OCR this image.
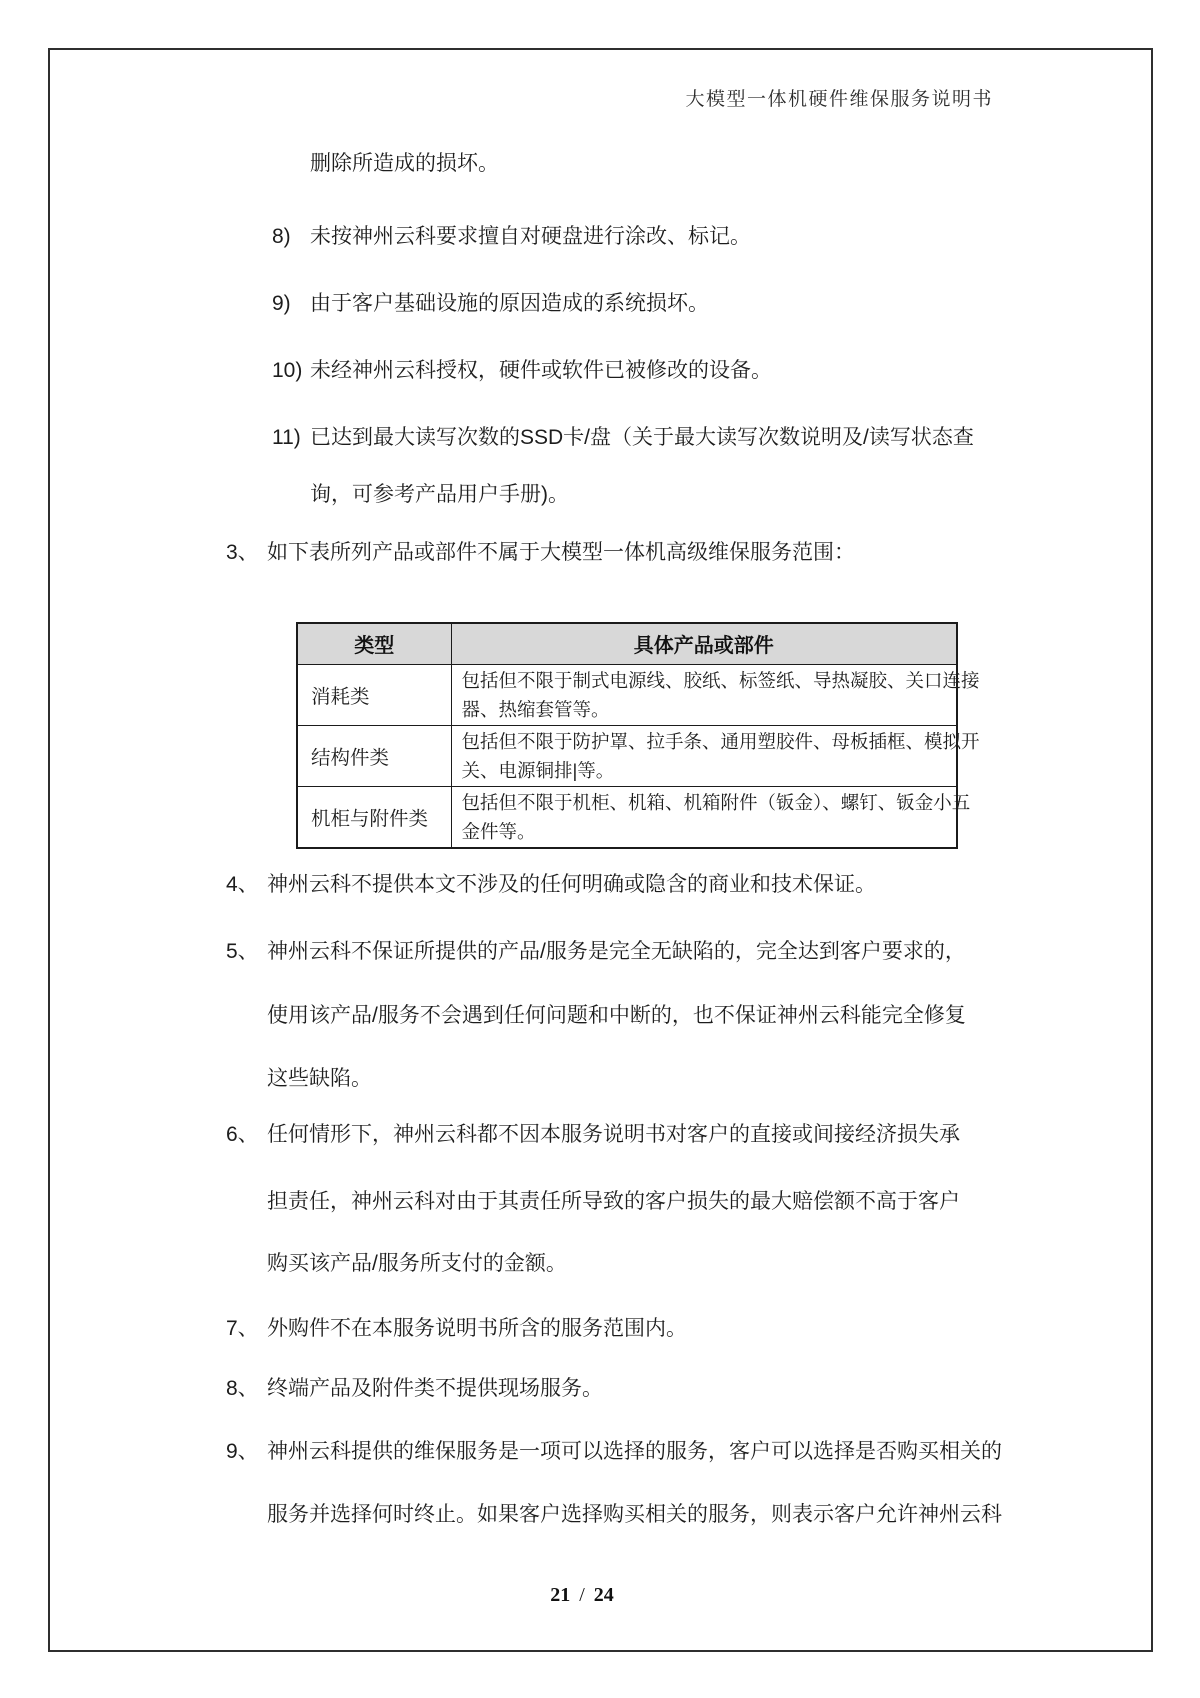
大模型一体机硬件维保服务说明书
删除所造成的损坏。
8) 未按神州云科要求擅自对硬盘进行涂改、标记。
9) 由于客户基础设施的原因造成的系统损坏。
10) 未经神州云科授权，硬件或软件已被修改的设备。
11) 已达到最大读写次数的SSD卡/盘（关于最大读写次数说明及/读写状态查
询，可参考产品用户手册)。
3、 如下表所列产品或部件不属于大模型一体机高级维保服务范围：
类型	具体产品或部件
消耗类	包括但不限于制式电源线、胶纸、标签纸、导热凝胶、关口连接
器、热缩套管等。

结构件类	包括但不限于防护罩、拉手条、通用塑胶件、母板插框、模拟开
关、电源铜排|等。

机柜与附件类	包括但不限于机柜、机箱、机箱附件（钣金）、螺钉、钣金小五
金件等。
4、 神州云科不提供本文不涉及的任何明确或隐含的商业和技术保证。
5、 神州云科不保证所提供的产品/服务是完全无缺陷的，完全达到客户要求的，
使用该产品/服务不会遇到任何问题和中断的，也不保证神州云科能完全修复
这些缺陷。
6、 任何情形下，神州云科都不因本服务说明书对客户的直接或间接经济损失承
担责任，神州云科对由于其责任所导致的客户损失的最大赔偿额不高于客户
购买该产品/服务所支付的金额。
7、 外购件不在本服务说明书所含的服务范围内。
8、 终端产品及附件类不提供现场服务。
9、 神州云科提供的维保服务是一项可以选择的服务，客户可以选择是否购买相关的
服务并选择何时终止。如果客户选择购买相关的服务，则表示客户允许神州云科
21 / 24
